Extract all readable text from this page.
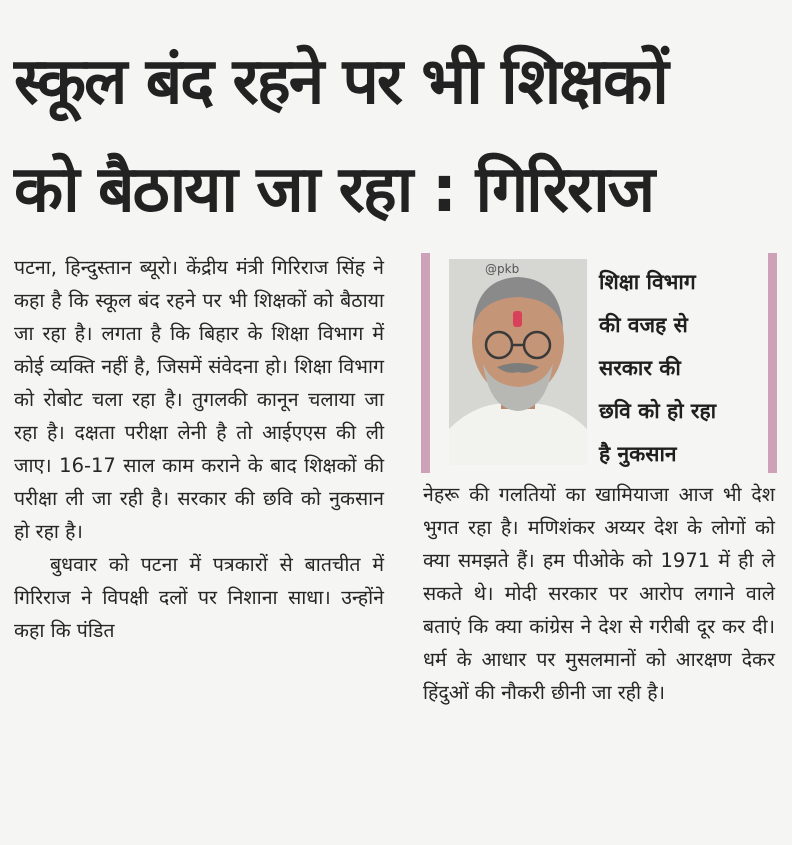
स्कूल बंद रहने पर भी शिक्षकों
को बैठाया जा रहा : गिरिराज

पटना, हिन्दुस्तान ब्यूरो। केंद्रीय मंत्री गिरिराज सिंह ने कहा है कि स्कूल बंद रहने पर भी शिक्षकों को बैठाया जा रहा है। लगता है कि बिहार के शिक्षा विभाग में कोई व्यक्ति नहीं है, जिसमें संवेदना हो। शिक्षा विभाग को रोबोट चला रहा है। तुगलकी कानून चलाया जा रहा है। दक्षता परीक्षा लेनी है तो आईएएस की ली जाए। 16-17 साल काम कराने के बाद शिक्षकों की परीक्षा ली जा रही है। सरकार की छवि को नुकसान हो रहा है।

बुधवार को पटना में पत्रकारों से बातचीत में गिरिराज ने विपक्षी दलों पर निशाना साधा। उन्होंने कहा कि पंडित

@pkb
शिक्षा विभाग
की वजह से
सरकार की
छवि को हो रहा
है नुकसान

नेहरू की गलतियों का खामियाजा आज भी देश भुगत रहा है। मणिशंकर अय्यर देश के लोगों को क्या समझते हैं। हम पीओके को 1971 में ही ले सकते थे। मोदी सरकार पर आरोप लगाने वाले बताएं कि क्या कांग्रेस ने देश से गरीबी दूर कर दी। धर्म के आधार पर मुसलमानों को आरक्षण देकर हिंदुओं की नौकरी छीनी जा रही है।
